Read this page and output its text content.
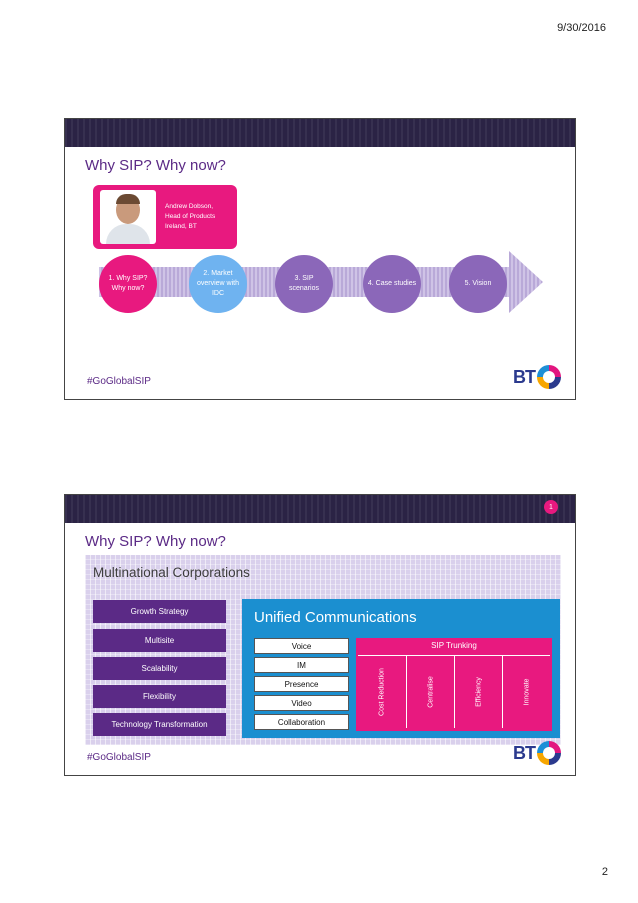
9/30/2016
Why SIP? Why now?
Andrew Dobson,
Head of Products
Ireland, BT
1. Why SIP? Why now?
2. Market overview with IDC
3. SIP scenarios
4. Case studies	5. Vision
#GoGlobalSIP	BT
1
Why SIP? Why now?
Multinational Corporations
Growth Strategy
Multisite
Scalability
Flexibility
Technology Transformation
Unified Communications
Voice
IM
Presence
Video
Collaboration
SIP Trunking
Cost Reduction	Centralise	Efficiency	Innovate
#GoGlobalSIP	BT
2
